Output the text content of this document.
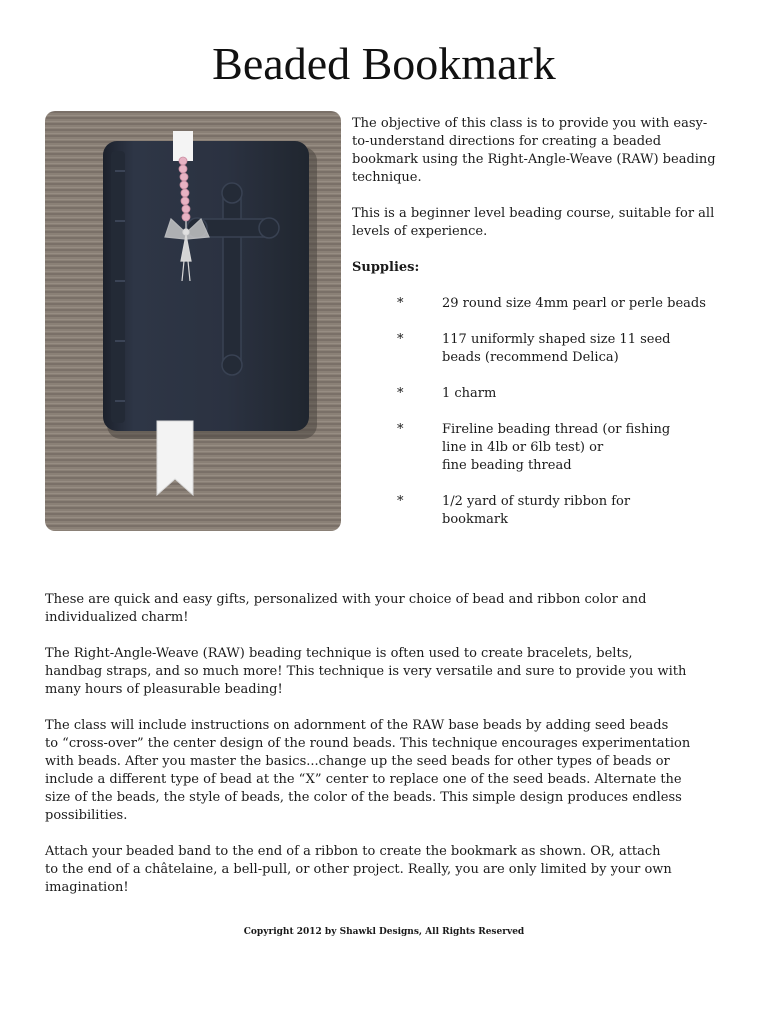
Beaded Bookmark

The objective of this class is to provide you with easy-to-understand directions for creating a beaded bookmark using the Right-Angle-Weave (RAW) beading technique.

This is a beginner level beading course, suitable for all levels of experience.

Supplies:

*	29 round size 4mm pearl or perle beads
*	117 uniformly shaped size 11 seed
beads (recommend Delica)
*	1 charm
*	Fireline beading thread (or fishing
line in 4lb or 6lb test) or
fine beading thread
*	1/2 yard of sturdy ribbon for
bookmark

These are quick and easy gifts, personalized with your choice of bead and ribbon color and
individualized charm!

The Right-Angle-Weave (RAW) beading technique is often used to create bracelets, belts,
handbag straps, and so much more! This technique is very versatile and sure to provide you with
many hours of pleasurable beading!

The class will include instructions on adornment of the RAW base beads by adding seed beads
to “cross-over” the center design of the round beads. This technique encourages experimentation
with beads. After you master the basics...change up the seed beads for other types of beads or
include a different type of bead at the “X” center to replace one of the seed beads. Alternate the
size of the beads, the style of beads, the color of the beads. This simple design produces endless
possibilities.

Attach your beaded band to the end of a ribbon to create the bookmark as shown. OR, attach
to the end of a châtelaine, a bell-pull, or other project. Really, you are only limited by your own
imagination!

Copyright 2012 by Shawkl Designs, All Rights Reserved
